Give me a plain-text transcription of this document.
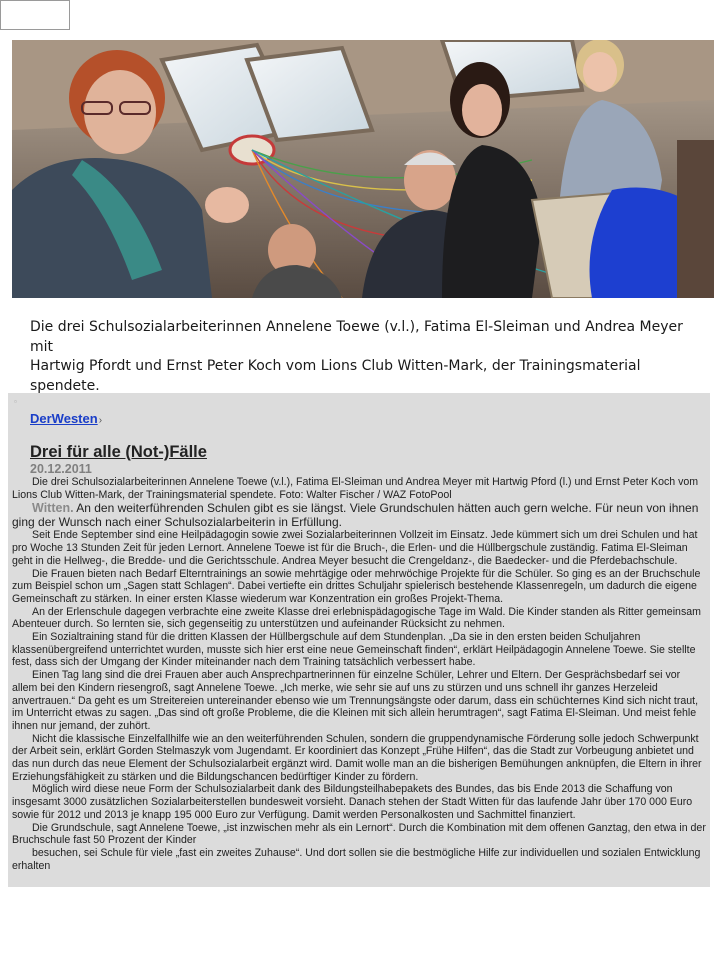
Die drei Schulsozialarbeiterinnen Annelene Toewe (v.l.), Fatima El-Sleiman und Andrea Meyer mit
Hartwig Pfordt und Ernst Peter Koch vom Lions Club Witten-Mark, der Trainingsmaterial spendete.
▫
DerWesten›
Drei für alle (Not-)Fälle
20.12.2011

Die drei Schulsozialarbeiterinnen Annelene Toewe (v.l.), Fatima El-Sleiman und Andrea Meyer mit Hartwig Pford (l.) und Ernst Peter Koch vom Lions Club Witten-Mark, der Trainingsmaterial spendete. Foto: Walter Fischer / WAZ FotoPool

Witten. An den weiterführenden Schulen gibt es sie längst. Viele Grundschulen hätten auch gern welche. Für neun von ihnen ging der Wunsch nach einer Schulsozialarbeiterin in Erfüllung.

Seit Ende September sind eine Heilpädagogin sowie zwei Sozialarbeiterinnen Vollzeit im Einsatz. Jede kümmert sich um drei Schulen und hat pro Woche 13 Stunden Zeit für jeden Lernort. Annelene Toewe ist für die Bruch-, die Erlen- und die Hüllbergschule zuständig. Fatima El-Sleiman geht in die Hellweg-, die Bredde- und die Gerichtsschule. Andrea Meyer besucht die Crengeldanz-, die Baedecker- und die Pferdebachschule.

Die Frauen bieten nach Bedarf Elterntrainings an sowie mehrtägige oder mehrwöchige Projekte für die Schüler. So ging es an der Bruchschule zum Beispiel schon um „Sagen statt Schlagen“. Dabei vertiefte ein drittes Schuljahr spielerisch bestehende Klassenregeln, um dadurch die eigene Gemeinschaft zu stärken. In einer ersten Klasse wiederum war Konzentration ein großes Projekt-Thema.

An der Erlenschule dagegen verbrachte eine zweite Klasse drei erlebnispädagogische Tage im Wald. Die Kinder standen als Ritter gemeinsam Abenteuer durch. So lernten sie, sich gegenseitig zu unterstützen und aufeinander Rücksicht zu nehmen.

Ein Sozialtraining stand für die dritten Klassen der Hüllbergschule auf dem Stundenplan. „Da sie in den ersten beiden Schuljahren klassenübergreifend unterrichtet wurden, musste sich hier erst eine neue Gemeinschaft finden“, erklärt Heilpädagogin Annelene Toewe. Sie stellte fest, dass sich der Umgang der Kinder miteinander nach dem Training tatsächlich verbessert habe.

Einen Tag lang sind die drei Frauen aber auch Ansprechpartnerinnen für einzelne Schüler, Lehrer und Eltern. Der Gesprächsbedarf sei vor allem bei den Kindern riesengroß, sagt Annelene Toewe. „Ich merke, wie sehr sie auf uns zu stürzen und uns schnell ihr ganzes Herzeleid anvertrauen.“ Da geht es um Streitereien untereinander ebenso wie um Trennungsängste oder darum, dass ein schüchternes Kind sich nicht traut, im Unterricht etwas zu sagen. „Das sind oft große Probleme, die die Kleinen mit sich allein herumtragen“, sagt Fatima El-Sleiman. Und meist fehle ihnen nur jemand, der zuhört.

Nicht die klassische Einzelfallhilfe wie an den weiterführenden Schulen, sondern die gruppendynamische Förderung solle jedoch Schwerpunkt der Arbeit sein, erklärt Gorden Stelmaszyk vom Jugendamt. Er koordiniert das Konzept „Frühe Hilfen“, das die Stadt zur Vorbeugung anbietet und das nun durch das neue Element der Schulsozialarbeit ergänzt wird. Damit wolle man an die bisherigen Bemühungen anknüpfen, die Eltern in ihrer Erziehungsfähigkeit zu stärken und die Bildungschancen bedürftiger Kinder zu fördern.

Möglich wird diese neue Form der Schulsozialarbeit dank des Bildungsteilhabepakets des Bundes, das bis Ende 2013 die Schaffung von insgesamt 3000 zusätzlichen Sozialarbeiterstellen bundesweit vorsieht. Danach stehen der Stadt Witten für das laufende Jahr über 170 000 Euro sowie für 2012 und 2013 je knapp 195 000 Euro zur Verfügung. Damit werden Personalkosten und Sachmittel finanziert.

Die Grundschule, sagt Annelene Toewe, „ist inzwischen mehr als ein Lernort“. Durch die Kombination mit dem offenen Ganztag, den etwa in der Bruchschule fast 50 Prozent der Kinder

besuchen, sei Schule für viele „fast ein zweites Zuhause“. Und dort sollen sie die bestmögliche Hilfe zur individuellen und sozialen Entwicklung erhalten
